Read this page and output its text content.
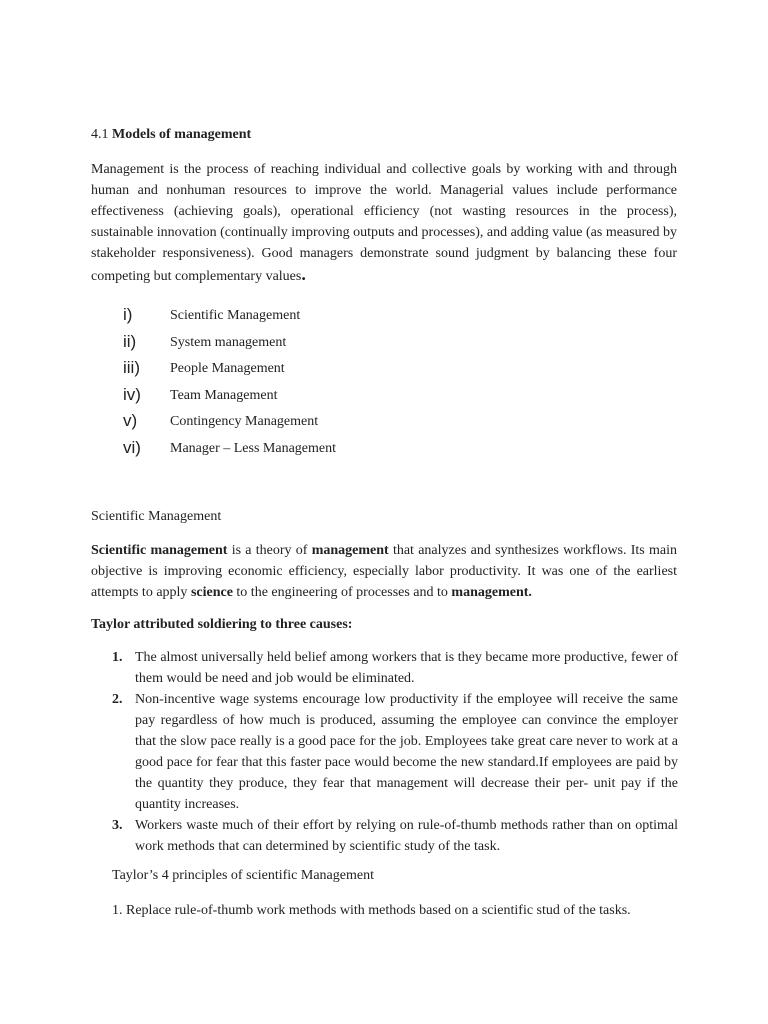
4.1 Models of management

Management is the process of reaching individual and collective goals by working with and through human and nonhuman resources to improve the world. Managerial values include performance effectiveness (achieving goals), operational efficiency (not wasting resources in the process), sustainable innovation (continually improving outputs and processes), and adding value (as measured by stakeholder responsiveness). Good managers demonstrate sound judgment by balancing these four competing but complementary values.

i)	Scientific Management
ii) System management
iii) People Management
iv) Team Management
v) Contingency Management
vi) Manager – Less Management

Scientific Management

Scientific management is a theory of management that analyzes and synthesizes workflows. Its main objective is improving economic efficiency, especially labor productivity. It was one of the earliest attempts to apply science to the engineering of processes and to management.

Taylor attributed soldiering to three causes:

1. The almost universally held belief among workers that is they became more productive, fewer of them would be need and job would be eliminated.
2. Non-incentive wage systems encourage low productivity if the employee will receive the same pay regardless of how much is produced, assuming the employee can convince the employer that the slow pace really is a good pace for the job. Employees take great care never to work at a good pace for fear that this faster pace would become the new standard.If employees are paid by the quantity they produce, they fear that management will decrease their per- unit pay if the quantity increases.
3. Workers waste much of their effort by relying on rule-of-thumb methods rather than on optimal work methods that can determined by scientific study of the task.

Taylor’s 4 principles of scientific Management

1. Replace rule-of-thumb work methods with methods based on a scientific stud of the tasks.
